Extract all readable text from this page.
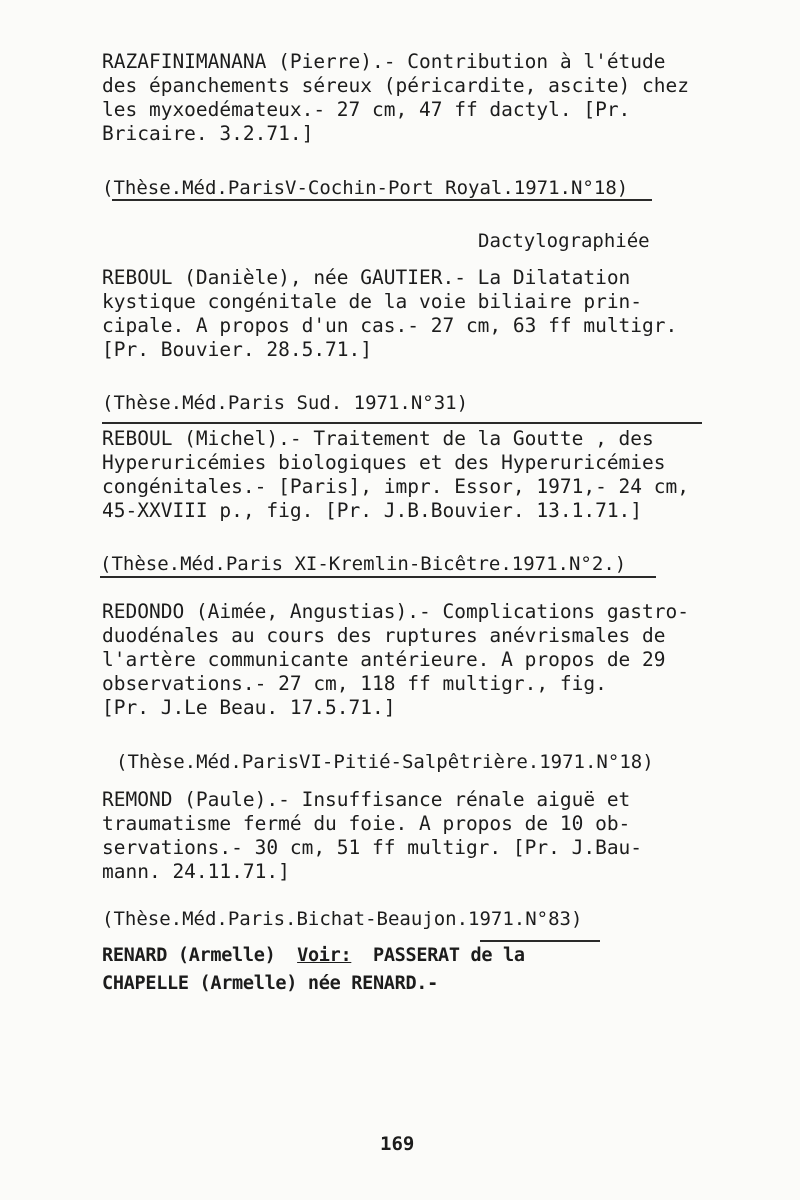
RAZAFINIMANANA (Pierre).- Contribution à l'étude
des épanchements séreux (péricardite, ascite) chez
les myxoedémateux.- 27 cm, 47 ff dactyl. [Pr.
Bricaire. 3.2.71.]
(Thèse.Méd.ParisV-Cochin-Port Royal.1971.N°18)
Dactylographiée
REBOUL (Danièle), née GAUTIER.- La Dilatation
kystique congénitale de la voie biliaire prin-
cipale. A propos d'un cas.- 27 cm, 63 ff multigr.
[Pr. Bouvier. 28.5.71.]
(Thèse.Méd.Paris Sud. 1971.N°31)
REBOUL (Michel).- Traitement de la Goutte , des
Hyperuricémies biologiques et des Hyperuricémies
congénitales.- [Paris], impr. Essor, 1971,- 24 cm,
45-XXVIII p., fig. [Pr. J.B.Bouvier. 13.1.71.]
(Thèse.Méd.Paris XI-Kremlin-Bicêtre.1971.N°2.)
REDONDO (Aimée, Angustias).- Complications gastro-
duodénales au cours des ruptures anévrismales de
l'artère communicante antérieure. A propos de 29
observations.- 27 cm, 118 ff multigr., fig.
[Pr. J.Le Beau. 17.5.71.]
(Thèse.Méd.ParisVI-Pitié-Salpêtrière.1971.N°18)
REMOND (Paule).- Insuffisance rénale aiguë et
traumatisme fermé du foie. A propos de 10 ob-
servations.- 30 cm, 51 ff multigr. [Pr. J.Bau-
mann. 24.11.71.]
(Thèse.Méd.Paris.Bichat-Beaujon.1971.N°83)
RENARD (Armelle) Voir: PASSERAT de la
CHAPELLE (Armelle) née RENARD.-
169
